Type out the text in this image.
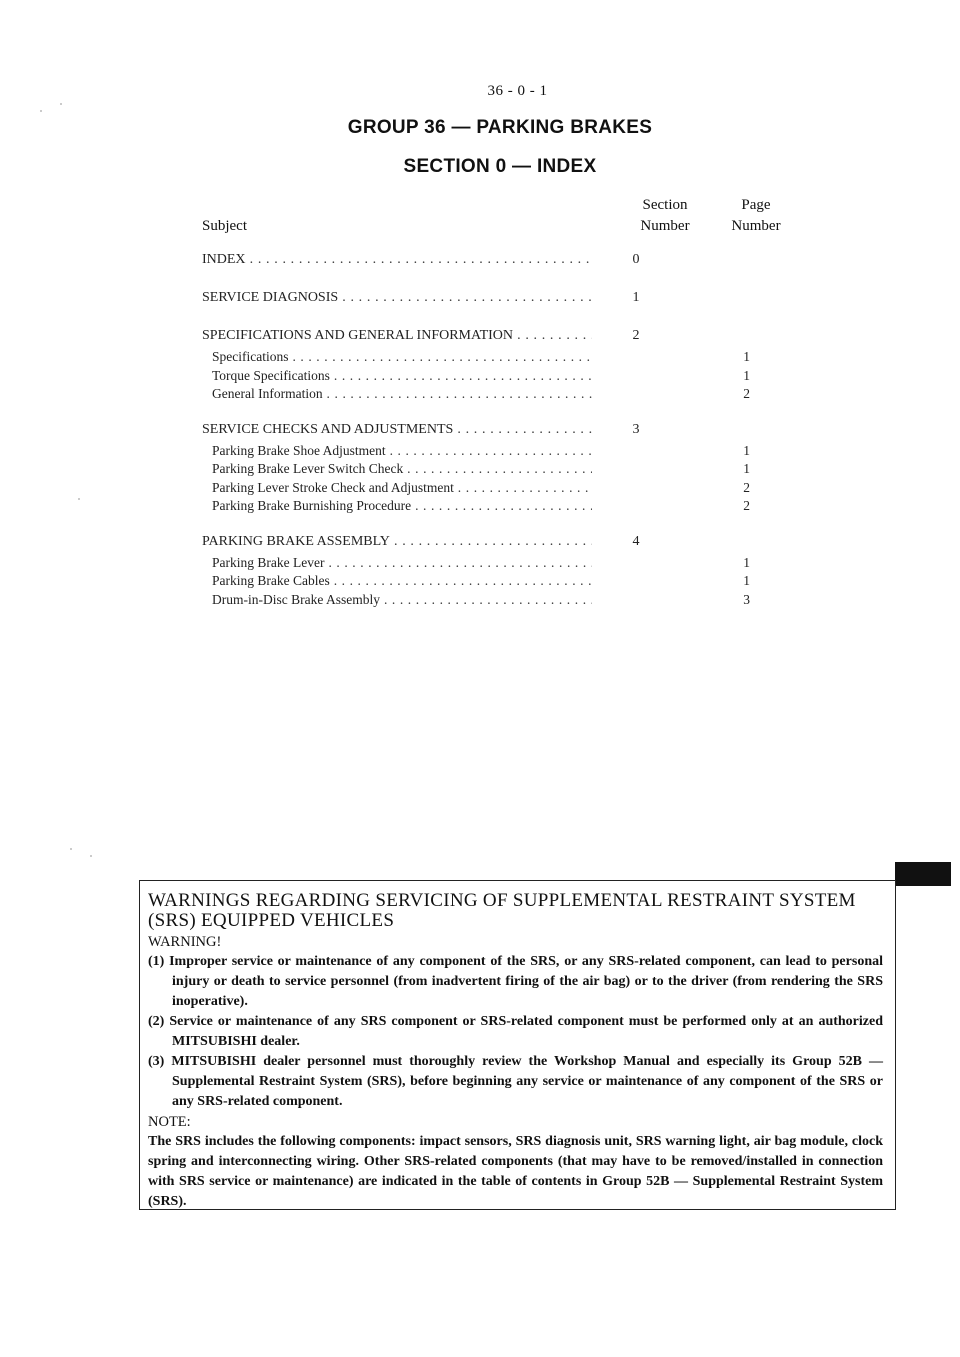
36 - 0 - 1
GROUP 36 — PARKING BRAKES
SECTION 0 — INDEX
Subject
Section
Number
Page
Number
INDEX . . .	0
SERVICE DIAGNOSIS . . .	1
SPECIFICATIONS AND GENERAL INFORMATION . . .	2
Specifications . . .	1
Torque Specifications . . .	1
General Information . . .	2
SERVICE CHECKS AND ADJUSTMENTS . . .	3
Parking Brake Shoe Adjustment . . .	1
Parking Brake Lever Switch Check . . .	1
Parking Lever Stroke Check and Adjustment . . .	2
Parking Brake Burnishing Procedure . . .	2
PARKING BRAKE ASSEMBLY . . .	4
Parking Brake Lever . . .	1
Parking Brake Cables . . .	1
Drum-in-Disc Brake Assembly . . .	3
WARNINGS REGARDING SERVICING OF SUPPLEMENTAL RESTRAINT SYSTEM (SRS) EQUIPPED VEHICLES
WARNING!
(1) Improper service or maintenance of any component of the SRS, or any SRS-related component, can lead to personal injury or death to service personnel (from inadvertent firing of the air bag) or to the driver (from rendering the SRS inoperative).
(2) Service or maintenance of any SRS component or SRS-related component must be performed only at an authorized MITSUBISHI dealer.
(3) MITSUBISHI dealer personnel must thoroughly review the Workshop Manual and especially its Group 52B — Supplemental Restraint System (SRS), before beginning any service or maintenance of any component of the SRS or any SRS-related component.
NOTE:
The SRS includes the following components: impact sensors, SRS diagnosis unit, SRS warning light, air bag module, clock spring and interconnecting wiring. Other SRS-related components (that may have to be removed/installed in connection with SRS service or maintenance) are indicated in the table of contents in Group 52B — Supplemental Restraint System (SRS).
